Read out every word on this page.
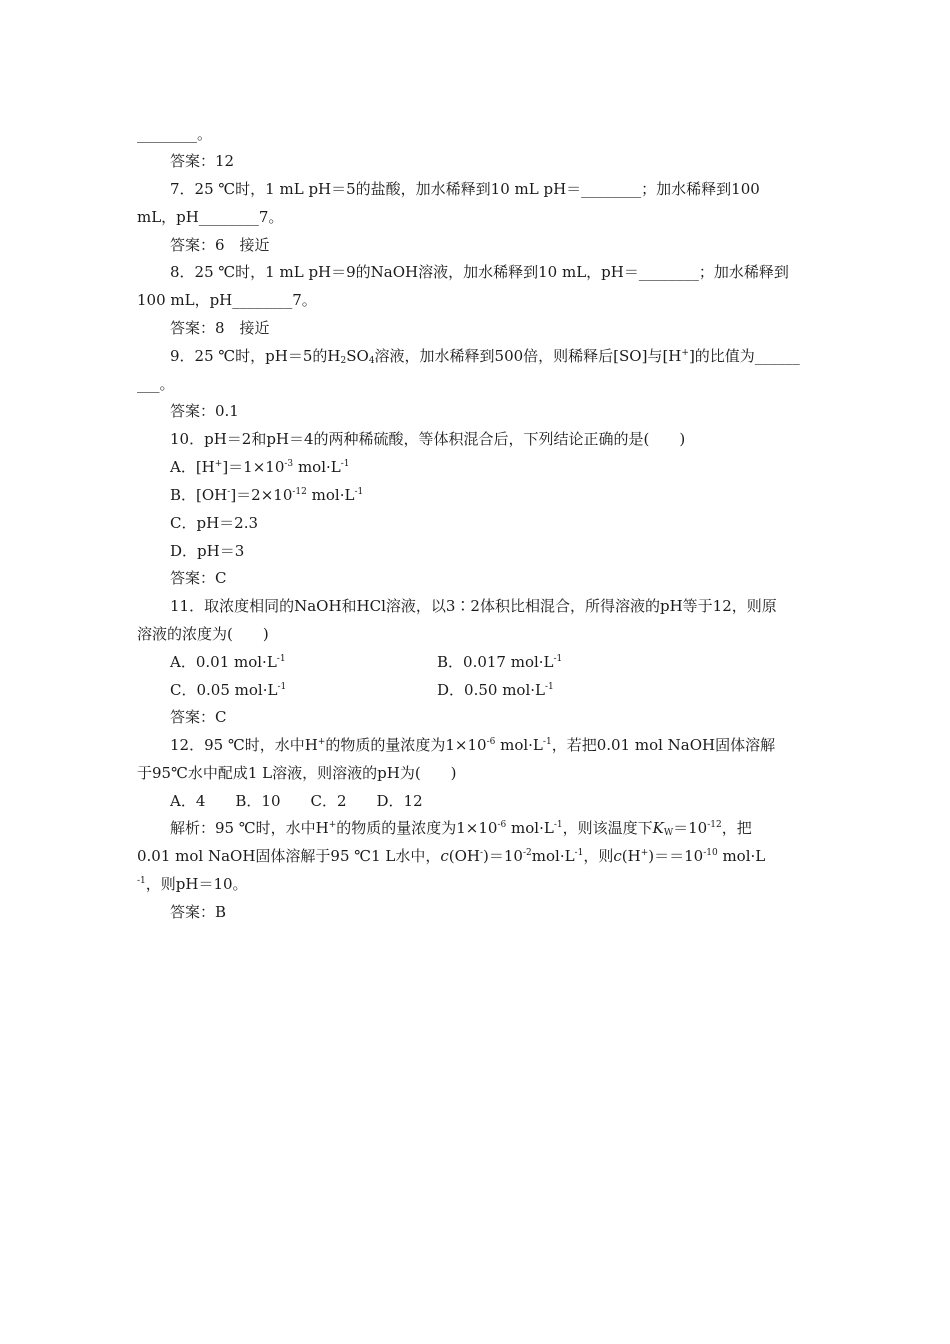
________。
答案：12
7．25 ℃时，1 mL pH＝5的盐酸，加水稀释到10 mL pH＝________；加水稀释到100
mL，pH________7。
答案：6　接近
8．25 ℃时，1 mL pH＝9的NaOH溶液，加水稀释到10 mL，pH＝________；加水稀释到
100 mL，pH________7。
答案：8　接近
9．25 ℃时，pH＝5的$H_2SO_4$溶液，加水稀释到500倍，则稀释后[SO]与[H+]的比值为______
___。
答案：0.1
10．pH＝2和pH＝4的两种稀硫酸，等体积混合后，下列结论正确的是(　　)
A．$[H^+]=1\times 10^{-3}$ $mol\cdot L^{-1}$
B．$[OH^-]=2\times 10^{-12}$ $mol\cdot L^{-1}$
C．pH＝2.3
D．pH＝3
答案：C
11．取浓度相同的NaOH和HCl溶液，以3∶2体积比相混合，所得溶液的pH等于12，则原
溶液的浓度为(　　)
A．0.01 $mol\cdot L^{-1}$	B．0.017 $mol\cdot L^{-1}$
C．0.05 $mol\cdot L^{-1}$	D．0.50 $mol\cdot L^{-1}$
答案：C
12．95 ℃时，水中H+的物质的量浓度为$1\times 10^{-6}$ $mol\cdot L^{-1}$，若把0.01 mol NaOH固体溶解
于95℃水中配成1 L溶液，则溶液的pH为(　　)
A．4　　B．10　　C．2　　D．12
解析：95 ℃时，水中H+的物质的量浓度为$1\times 10^{-6}$ $mol\cdot L^{-1}$，则该温度下$K_W=10^{-12}$，把
0.01 mol NaOH固体溶解于95 ℃1 L水中，$c(OH^-)=10^{-2}mol\cdot L^{-1}$，则$c(H^+)==10^{-10}$ mol·L
$^{-1}$，则pH＝10。
答案：B
